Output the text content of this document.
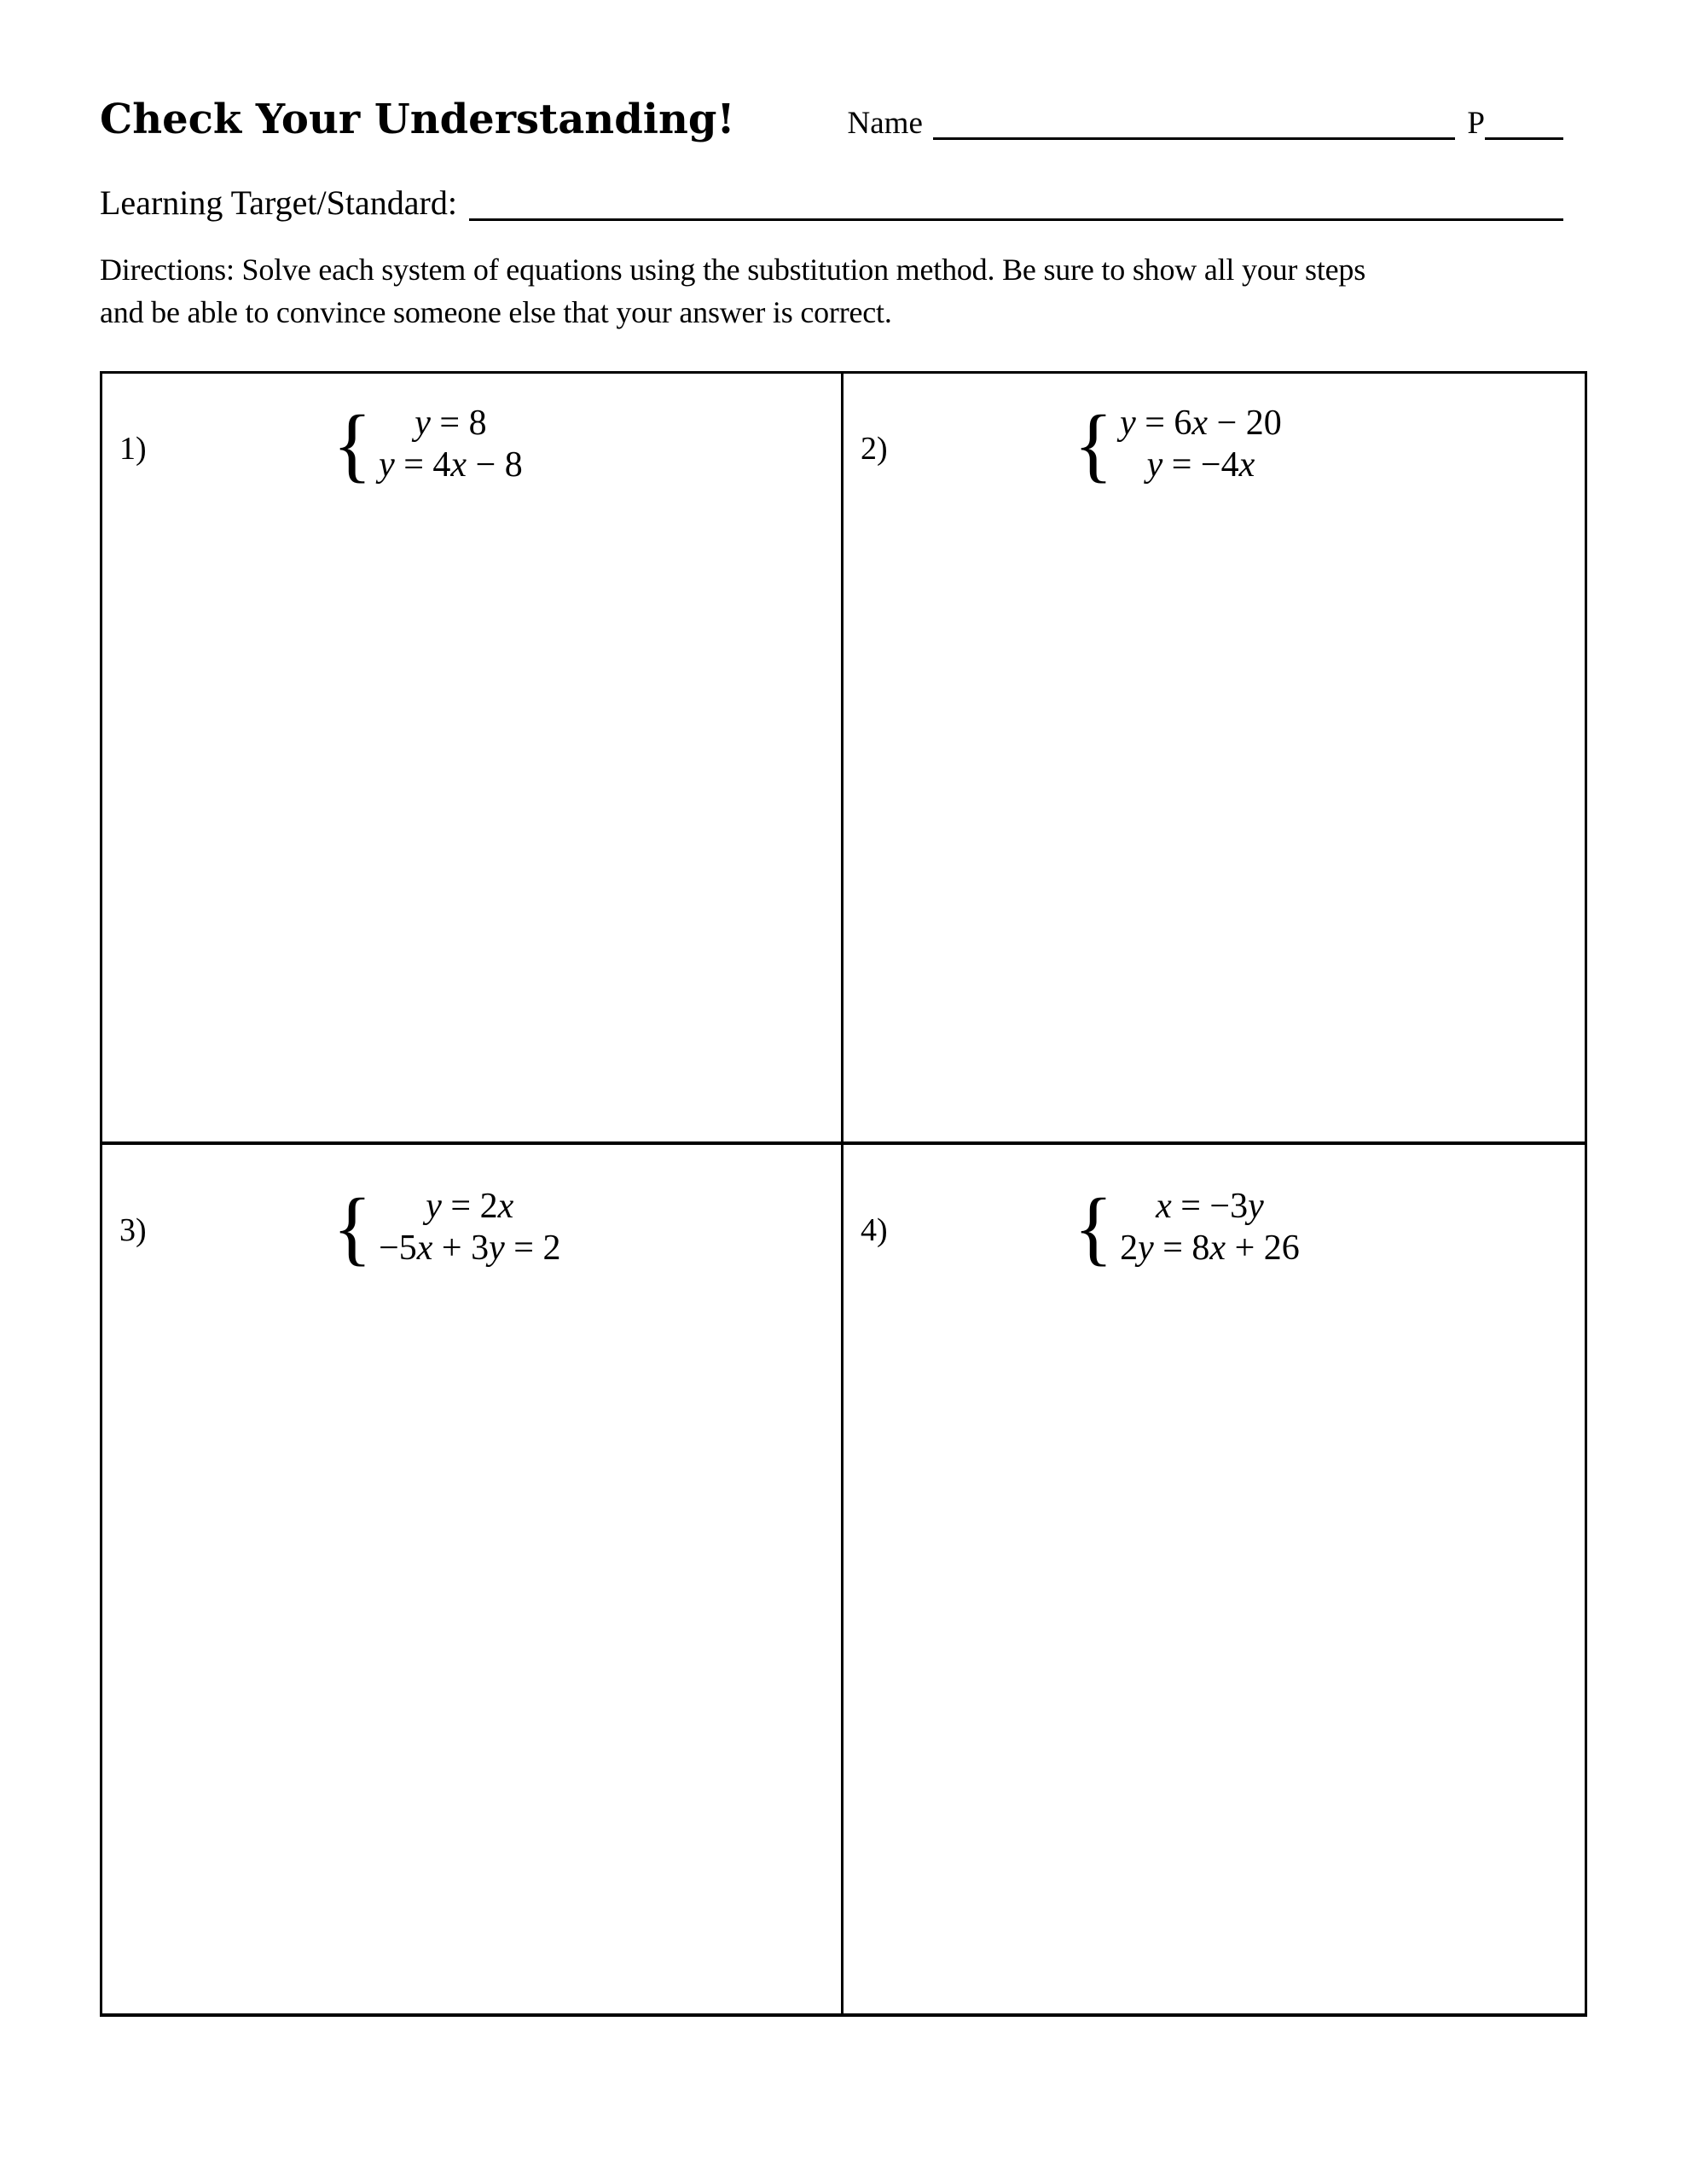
Check Your Understanding!	Name
	P

Learning Target/Standard:

Directions: Solve each system of equations using the substitution method. Be sure to show all your steps
and be able to convince someone else that your answer is correct.

1) { y = 8
y = 4x − 8	2) { y = 6x − 20
y = −4x
3) { y = 2x
−5x + 3y = 2	4) { x = −3y
2y = 8x + 26
